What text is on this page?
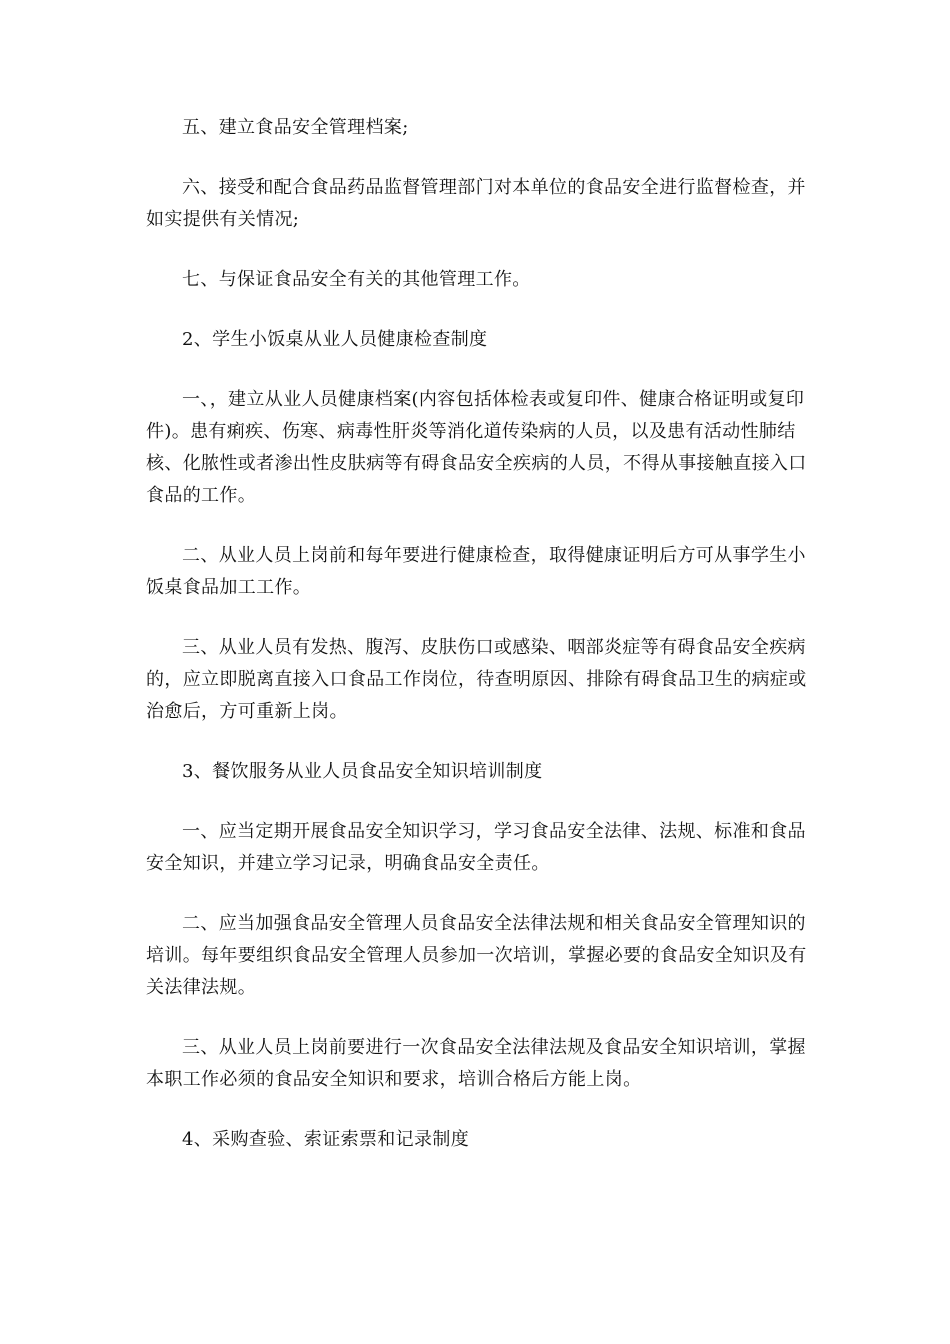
五、建立食品安全管理档案;

六、接受和配合食品药品监督管理部门对本单位的食品安全进行监督检查，并如实提供有关情况;

七、与保证食品安全有关的其他管理工作。

2、学生小饭桌从业人员健康检查制度

一、，建立从业人员健康档案(内容包括体检表或复印件、健康合格证明或复印件)。患有痢疾、伤寒、病毒性肝炎等消化道传染病的人员，以及患有活动性肺结核、化脓性或者渗出性皮肤病等有碍食品安全疾病的人员，不得从事接触直接入口食品的工作。

二、从业人员上岗前和每年要进行健康检查，取得健康证明后方可从事学生小饭桌食品加工工作。

三、从业人员有发热、腹泻、皮肤伤口或感染、咽部炎症等有碍食品安全疾病的，应立即脱离直接入口食品工作岗位，待查明原因、排除有碍食品卫生的病症或治愈后，方可重新上岗。

3、餐饮服务从业人员食品安全知识培训制度

一、应当定期开展食品安全知识学习，学习食品安全法律、法规、标准和食品安全知识，并建立学习记录，明确食品安全责任。

二、应当加强食品安全管理人员食品安全法律法规和相关食品安全管理知识的培训。每年要组织食品安全管理人员参加一次培训，掌握必要的食品安全知识及有关法律法规。

三、从业人员上岗前要进行一次食品安全法律法规及食品安全知识培训，掌握本职工作必须的食品安全知识和要求，培训合格后方能上岗。

4、采购查验、索证索票和记录制度
